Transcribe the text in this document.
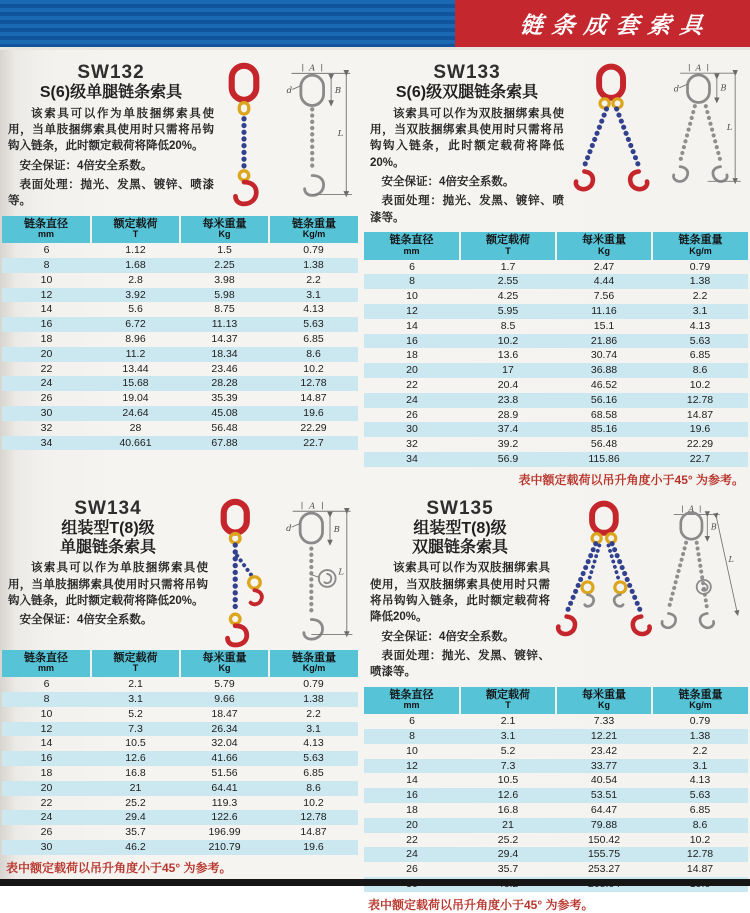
链条成套索具
SW132
S(6)级单腿链条索具

该索具可以作为单肢捆绑索具使用，当单肢捆绑索具使用时只需将吊钩钩入链条，此时额定载荷将降低20%。

安全保证：4倍安全系数。

表面处理：抛光、发黑、镀锌、喷漆等。

A
d	B
L
链条直径
mm

额定载荷
T

每米重量
Kg

链条重量
Kg/m

6	1.12	1.5	0.79
8	1.68	2.25	1.38
10	2.8	3.98	2.2
12	3.92	5.98	3.1
14	5.6	8.75	4.13
16	6.72	11.13	5.63
18	8.96	14.37	6.85
20	11.2	18.34	8.6
22	13.44	23.46	10.2
24	15.68	28.28	12.78
26	19.04	35.39	14.87
30	24.64	45.08	19.6
32	28	56.48	22.29
34	40.661	67.88	22.7
SW133
S(6)级双腿链条索具

该索具可以作为双肢捆绑索具使用，当双肢捆绑索具使用时只需将吊钩钩入链条，此时额定载荷将降低20%。

安全保证：4倍安全系数。

表面处理：抛光、发黑、镀锌、喷漆等。

A
d	B
L
链条直径
mm

额定载荷
T

每米重量
Kg

链条重量
Kg/m

6	1.7	2.47	0.79
8	2.55	4.44	1.38
10	4.25	7.56	2.2
12	5.95	11.16	3.1
14	8.5	15.1	4.13
16	10.2	21.86	5.63
18	13.6	30.74	6.85
20	17	36.88	8.6
22	20.4	46.52	10.2
24	23.8	56.16	12.78
26	28.9	68.58	14.87
30	37.4	85.16	19.6
32	39.2	56.48	22.29
34	56.9	115.86	22.7

表中额定载荷以吊升角度小于45° 为参考。

SW134
组装型T(8)级
单腿链条索具

该索具可以作为单肢捆绑索具使用，当单肢捆绑索具使用时只需将吊钩钩入链条，此时额定载荷将降低20%。

安全保证：4倍安全系数。

A
d	B
L
链条直径
mm

额定载荷
T

每米重量
Kg

链条重量
Kg/m

6	2.1	5.79	0.79
8	3.1	9.66	1.38
10	5.2	18.47	2.2
12	7.3	26.34	3.1
14	10.5	32.04	4.13
16	12.6	41.66	5.63
18	16.8	51.56	6.85
20	21	64.41	8.6
22	25.2	119.3	10.2
24	29.4	122.6	12.78
26	35.7	196.99	14.87
30	46.2	210.79	19.6

表中额定载荷以吊升角度小于45° 为参考。

SW135
组装型T(8)级
双腿链条索具

该索具可以作为双肢捆绑索具使用，当双肢捆绑索具使用时只需将吊钩钩入链条，此时额定载荷将降低20%。

安全保证：4倍安全系数。

表面处理：抛光、发黑、镀锌、喷漆等。

A
B
L
链条直径
mm

额定载荷
T

每米重量
Kg

链条重量
Kg/m

6	2.1	7.33	0.79
8	3.1	12.21	1.38
10	5.2	23.42	2.2
12	7.3	33.77	3.1
14	10.5	40.54	4.13
16	12.6	53.51	5.63
18	16.8	64.47	6.85
20	21	79.88	8.6
22	25.2	150.42	10.2
24	29.4	155.75	12.78
26	35.7	253.27	14.87

表中额定载荷以吊升角度小于45° 为参考。
